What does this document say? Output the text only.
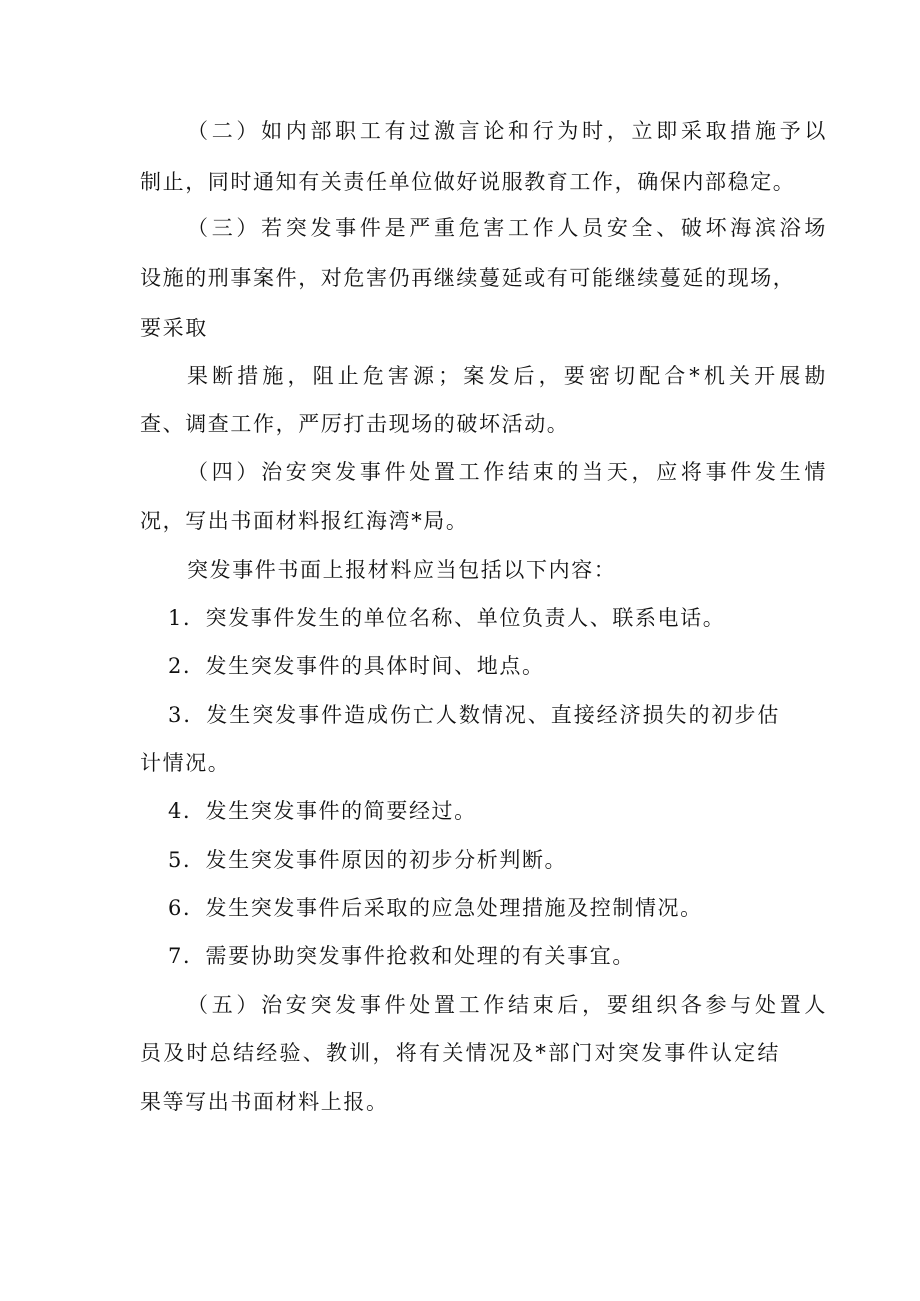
（二）如内部职工有过激言论和行为时，立即采取措施予以
制止，同时通知有关责任单位做好说服教育工作，确保内部稳定。
（三）若突发事件是严重危害工作人员安全、破坏海滨浴场
设施的刑事案件，对危害仍再继续蔓延或有可能继续蔓延的现场，
要采取
果断措施，阻止危害源；案发后，要密切配合*机关开展勘
查、调查工作，严厉打击现场的破坏活动。
（四）治安突发事件处置工作结束的当天，应将事件发生情
况，写出书面材料报红海湾*局。
突发事件书面上报材料应当包括以下内容：
1．突发事件发生的单位名称、单位负责人、联系电话。
2．发生突发事件的具体时间、地点。
3．发生突发事件造成伤亡人数情况、直接经济损失的初步估
计情况。
4．发生突发事件的简要经过。
5．发生突发事件原因的初步分析判断。
6．发生突发事件后采取的应急处理措施及控制情况。
7．需要协助突发事件抢救和处理的有关事宜。
（五）治安突发事件处置工作结束后，要组织各参与处置人
员及时总结经验、教训，将有关情况及*部门对突发事件认定结
果等写出书面材料上报。
